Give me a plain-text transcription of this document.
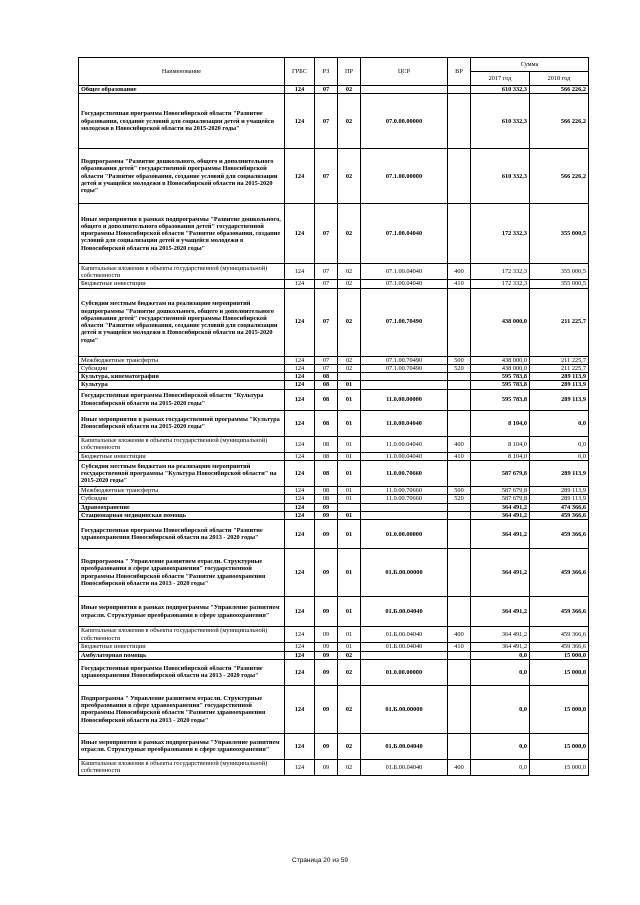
Наименование	ГРБС	РЗ	ПР	ЦСР	ВР	Сумма	
						2017 год	2018 год
Общее образование	124	07	02			610 332,3	566 226,2
Государственная программа Новосибирской области "Развитие образования, создание условий для социализации детей и учащейся молодежи в Новосибирской области на 2015-2020 годы"	124	07	02	07.0.00.00000		610 332,3	566 226,2
Подпрограмма "Развитие дошкольного, общего и дополнительного образования детей" государственной программы Новосибирской области "Развитие образования, создание условий для социализации детей и учащейся молодежи в Новосибирской области на 2015-2020 годы"	124	07	02	07.1.00.00000		610 332,3	566 226,2
Иные мероприятия в рамках подпрограммы "Развитие дошкольного, общего и дополнительного образования детей" государственной программы Новосибирской области "Развитие образования, создание условий для социализации детей и учащейся молодежи в Новосибирской области на 2015-2020 годы"	124	07	02	07.1.00.04040		172 332,3	355 000,5
Капитальные вложения в объекты государственной (муниципальной) собственности	124	07	02	07.1.00.04040	400	172 332,3	355 000,5
Бюджетные инвестиции	124	07	02	07.1.00.04040	410	172 332,3	355 000,5
Субсидии местным бюджетам на реализацию мероприятий подпрограммы "Развитие дошкольного, общего и дополнительного образования детей" государственной программы Новосибирской области "Развитие образования, создание условий для социализации детей и учащейся молодежи в Новосибирской области на 2015-2020 годы"	124	07	02	07.1.00.70490		438 000,0	211 225,7
Межбюджетные трансферты	124	07	02	07.1.00.70490	500	438 000,0	211 225,7
Субсидии	124	07	02	07.1.00.70490	520	438 000,0	211 225,7
Культура, кинематография	124	08				595 783,8	289 113,9
Культура	124	08	01			595 783,8	289 113,9
Государственная программа Новосибирской области "Культура Новосибирской области на 2015-2020 годы"	124	08	01	11.0.00.00000		595 783,8	289 113,9
Иные мероприятия в рамках государственной программы "Культура Новосибирской области на 2015-2020 годы"	124	08	01	11.0.00.04040		8 104,0	0,0
Капитальные вложения в объекты государственной (муниципальной) собственности	124	08	01	11.0.00.04040	400	8 104,0	0,0
Бюджетные инвестиции	124	08	01	11.0.00.04040	410	8 104,0	0,0
Субсидии местным бюджетам на реализацию мероприятий государственной программы "Культура Новосибирской области" на 2015-2020 годы"	124	08	01	11.0.00.70660		587 679,8	289 113,9
Межбюджетные трансферты	124	08	01	11.0.00.70660	500	587 679,8	289 113,9
Субсидии	124	08	01	11.0.00.70660	520	587 679,8	289 113,9
Здравоохранение	124	09				364 491,2	474 366,6
Стационарная медицинская помощь	124	09	01			364 491,2	459 366,6
Государственная программа Новосибирской области "Развитие здравоохранения Новосибирской области на 2013 - 2020 годы"	124	09	01	01.0.00.00000		364 491,2	459 366,6
Подпрограмма " Управление развитием отрасли. Структурные преобразования в сфере здравоохранения" государственной программы Новосибирской области "Развитие здравоохранения Новосибирской области на 2013 - 2020 годы"	124	09	01	01.Б.00.00000		364 491,2	459 366,6
Иные мероприятия в рамках подпрограммы "Управление развитием отрасли. Структурные преобразования в сфере здравоохранения"	124	09	01	01.Б.00.04040		364 491,2	459 366,6
Капитальные вложения в объекты государственной (муниципальной) собственности	124	09	01	01.Б.00.04040	400	364 491,2	459 366,6
Бюджетные инвестиции	124	09	01	01.Б.00.04040	410	364 491,2	459 366,6
Амбулаторная помощь	124	09	02			0,0	15 000,0
Государственная программа Новосибирской области "Развитие здравоохранения Новосибирской области на 2013 - 2020 годы"	124	09	02	01.0.00.00000		0,0	15 000,0
Подпрограмма " Управление развитием отрасли. Структурные преобразования в сфере здравоохранения" государственной программы Новосибирской области "Развитие здравоохранения Новосибирской области на 2013 - 2020 годы"	124	09	02	01.Б.00.00000		0,0	15 000,0
Иные мероприятия в рамках подпрограммы "Управление развитием отрасли. Структурные преобразования в сфере здравоохранения"	124	09	02	01.Б.00.04040		0,0	15 000,0
Капитальные вложения в объекты государственной (муниципальной) собственности	124	09	02	01.Б.00.04040	400	0,0	15 000,0
Страница 20 из 59
